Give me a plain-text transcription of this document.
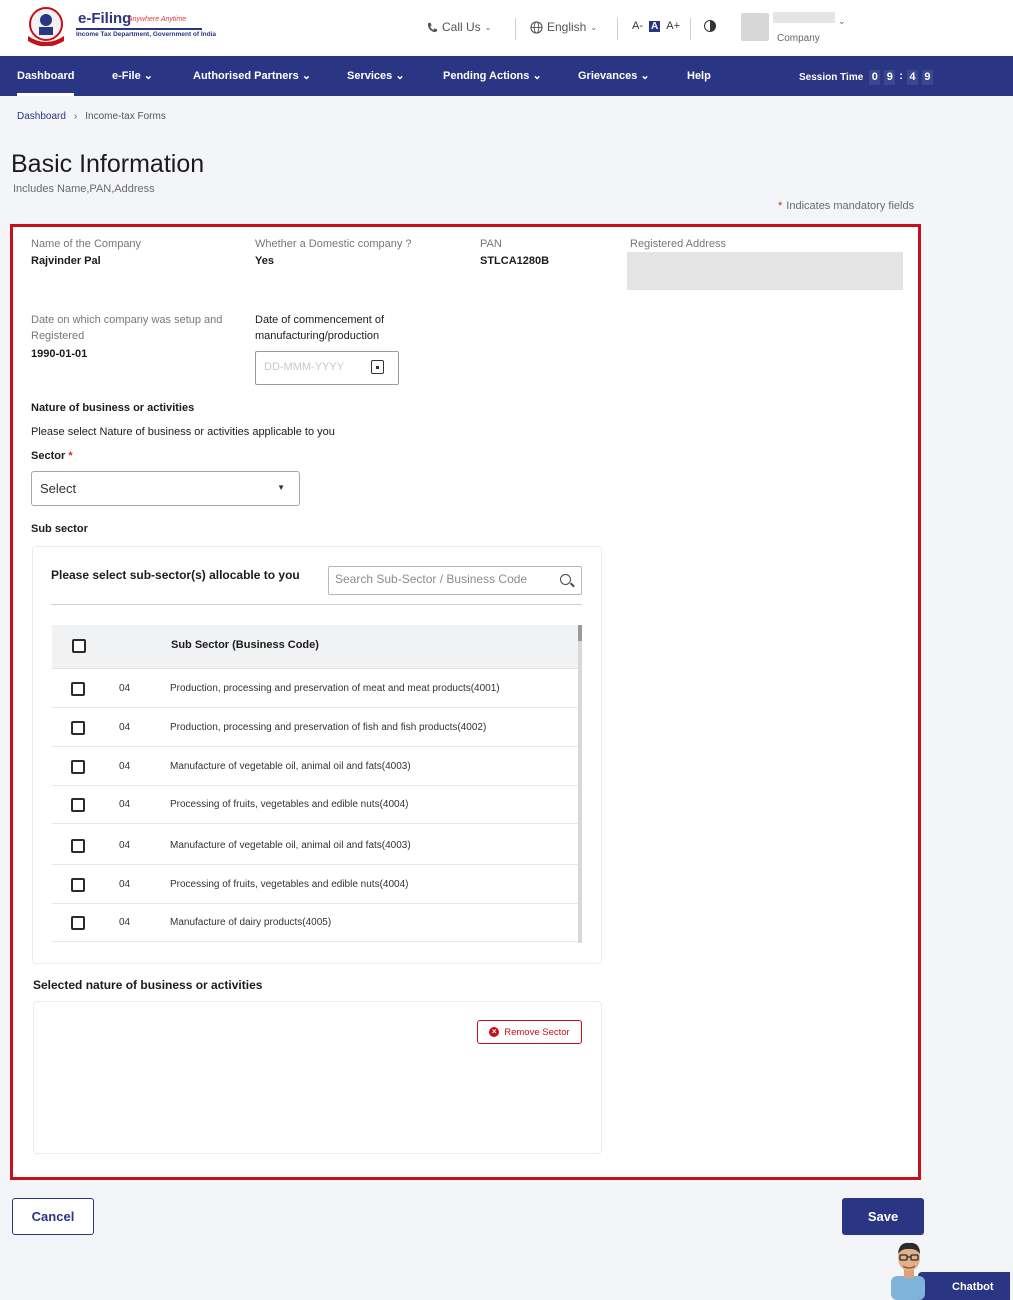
e-Filing
Anywhere Anytime
Income Tax Department, Government of India
Call Us ⌄	English ⌄	A- A A+	⌄
Company
Dashboard	e-File ⌄	Authorised Partners ⌄	Services ⌄	Pending Actions ⌄	Grievances ⌄	Help	Session Time 0 9 : 4 9
Dashboard › Income-tax Forms
Basic Information
Includes Name,PAN,Address
* Indicates mandatory fields
Name of the Company
Rajvinder Pal
Whether a Domestic company ?
Yes
PAN
STLCA1280B
Registered Address
Date on which company was setup and
Registered
1990-01-01
Date of commencement of
manufacturing/production
DD-MMM-YYYY
Nature of business or activities
Please select Nature of business or activities applicable to you
Sector *
Select	▼
Sub sector
Please select sub-sector(s) allocable to you
Search Sub-Sector / Business Code
Sub Sector (Business Code)
04	Production, processing and preservation of meat and meat products(4001)
04	Production, processing and preservation of fish and fish products(4002)
04	Manufacture of vegetable oil, animal oil and fats(4003)
04	Processing of fruits, vegetables and edible nuts(4004)
04	Manufacture of vegetable oil, animal oil and fats(4003)
04	Processing of fruits, vegetables and edible nuts(4004)
04	Manufacture of dairy products(4005)
Selected nature of business or activities
× Remove Sector
Cancel	Save
Chatbot
